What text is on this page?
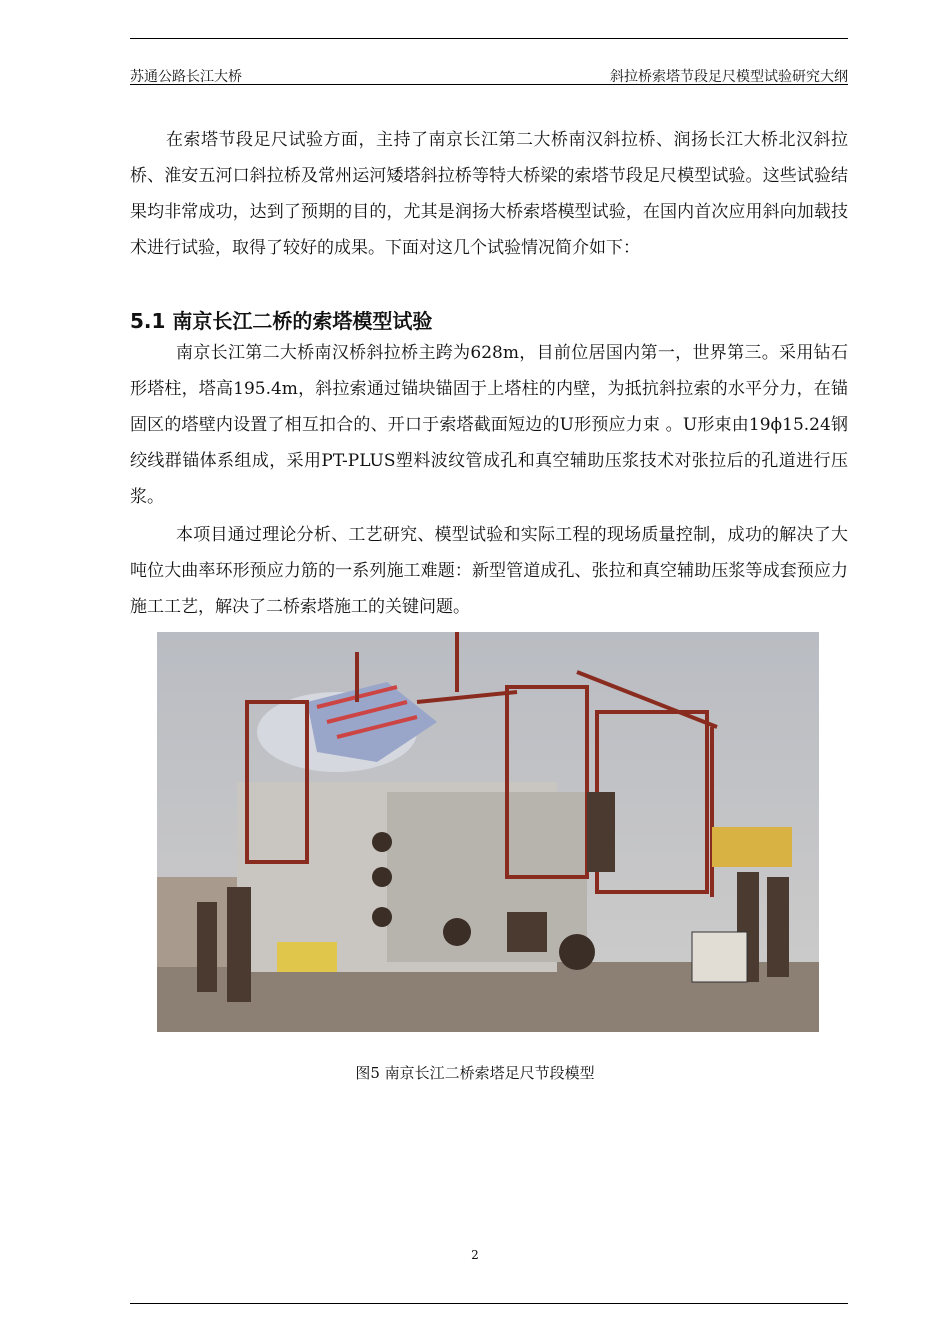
苏通公路长江大桥	斜拉桥索塔节段足尺模型试验研究大纲

在索塔节段足尺试验方面，主持了南京长江第二大桥南汉斜拉桥、润扬长江大桥北汉斜拉桥、淮安五河口斜拉桥及常州运河矮塔斜拉桥等特大桥梁的索塔节段足尺模型试验。这些试验结果均非常成功，达到了预期的目的，尤其是润扬大桥索塔模型试验，在国内首次应用斜向加载技术进行试验，取得了较好的成果。下面对这几个试验情况简介如下：

5.1 南京长江二桥的索塔模型试验

南京长江第二大桥南汉桥斜拉桥主跨为628m，目前位居国内第一，世界第三。采用钻石形塔柱，塔高195.4m，斜拉索通过锚块锚固于上塔柱的内壁，为抵抗斜拉索的水平分力，在锚固区的塔壁内设置了相互扣合的、开口于索塔截面短边的U形预应力束 。U形束由19ϕ15.24钢绞线群锚体系组成，采用PT-PLUS塑料波纹管成孔和真空辅助压浆技术对张拉后的孔道进行压浆。

本项目通过理论分析、工艺研究、模型试验和实际工程的现场质量控制，成功的解决了大吨位大曲率环形预应力筋的一系列施工难题：新型管道成孔、张拉和真空辅助压浆等成套预应力施工工艺，解决了二桥索塔施工的关键问题。

图5 南京长江二桥索塔足尺节段模型
2
